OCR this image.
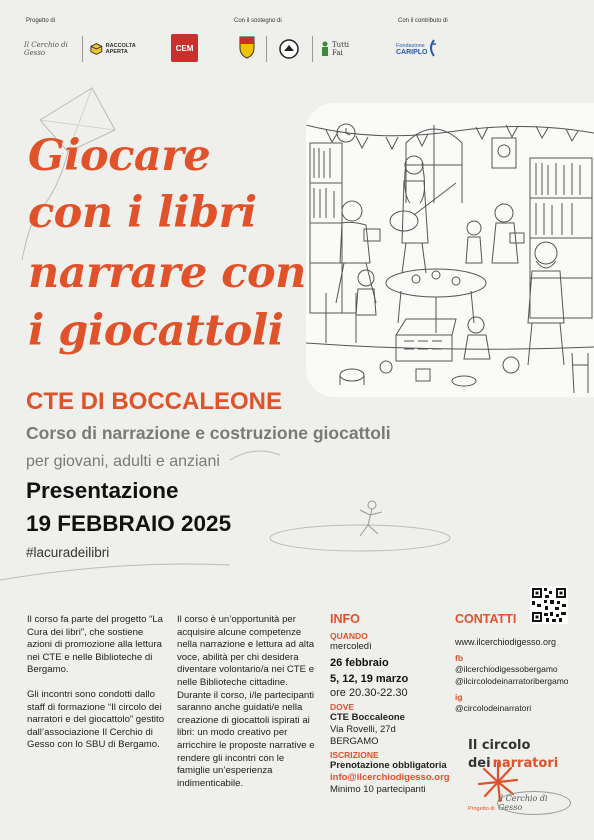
Progetto di	Con il sostegno di	Con il contributo di
Il Cerchio di Gesso
RACCOLTA APERTA	CEM	Tutti Fai
Fondazione
CARIPLO
Giocare
con i libri
narrare con
i giocattoli
CTE DI BOCCALEONE
Corso di narrazione e costruzione giocattoli
per giovani, adulti e anziani
Presentazione
19 FEBBRAIO 2025
#lacuradeilibri

Il corso fa parte del progetto “La Cura dei libri”, che sostiene azioni di promozione alla lettura nei CTE e nelle Biblioteche di Bergamo.

Gli incontri sono condotti dallo staff di formazione “Il circolo dei narratori e del giocattolo” gestito dall’associazione Il Cerchio di Gesso con lo SBU di Bergamo.

Il corso è un’opportunità per acquisire alcune competenze nella narrazione e lettura ad alta voce, abilità per chi desidera diventare volontario/a nei CTE e nelle Biblioteche cittadine. Durante il corso, i/le partecipanti saranno anche guidati/e nella creazione di giocattoli ispirati ai libri: un modo creativo per arricchire le proposte narrative e rendere gli incontri con le famiglie un’esperienza indimenticabile.

INFO
QUANDO
mercoledì
26 febbraio
5, 12, 19 marzo
ore 20.30-22.30
DOVE
CTE Boccaleone
Via Rovelli, 27d
BERGAMO
ISCRIZIONE
Prenotazione obbligatoria
info@ilcerchiodigesso.org
Minimo 10 partecipanti
CONTATTI
www.ilcerchiodigesso.org
fb
@ilcerchiodigessobergamo
@ilcircolodeinarratoribergamo
ig
@circolodeinarratori
Il circolo dei narratori
Progetto di
il Cerchio di Gesso
